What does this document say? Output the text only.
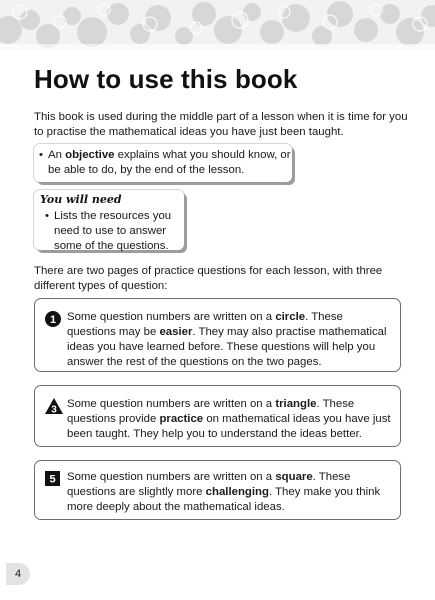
How to use this book

This book is used during the middle part of a lesson when it is time for you to practise the mathematical ideas you have just been taught.

• An objective explains what you should know, or be able to do, by the end of the lesson.
You will need
• Lists the resources you need to use to answer some of the questions.

There are two pages of practice questions for each lesson, with three different types of question:

1 Some question numbers are written on a circle. These questions may be easier. They may also practise mathematical ideas you have learned before. These questions will help you answer the rest of the questions on the two pages.
3 Some question numbers are written on a triangle. These questions provide practice on mathematical ideas you have just been taught. They help you to understand the ideas better.
5 Some question numbers are written on a square. These questions are slightly more challenging. They make you think more deeply about the mathematical ideas.
4
